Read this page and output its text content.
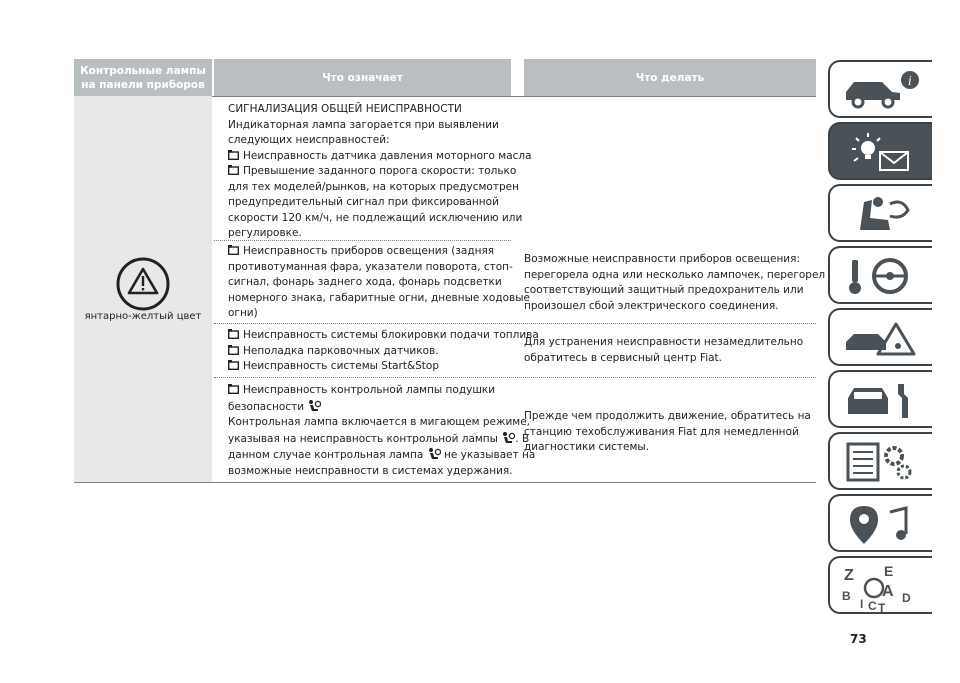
Контрольные лампы на панели приборов
Что означает	Что делать
янтарно-желтый цвет
СИГНАЛИЗАЦИЯ ОБЩЕЙ НЕИСПРАВНОСТИ
Индикаторная лампа загорается при выявлении
следующих неисправностей:
Неисправность датчика давления моторного масла
Превышение заданного порога скорости: только
для тех моделей/рынков, на которых предусмотрен
предупредительный сигнал при фиксированной
скорости 120 км/ч, не подлежащий исключению или
регулировке.
Неисправность приборов освещения (задняя
противотуманная фара, указатели поворота, стоп-
сигнал, фонарь заднего хода, фонарь подсветки
номерного знака, габаритные огни, дневные ходовые
огни)
Возможные неисправности приборов освещения:
перегорела одна или несколько лампочек, перегорел
соответствующий защитный предохранитель или
произошел сбой электрического соединения.
Неисправность системы блокировки подачи топлива
Неполадка парковочных датчиков.
Неисправность системы Start&Stop
Для устранения неисправности незамедлительно
обратитесь в сервисный центр Fiat.
Неисправность контрольной лампы подушки
безопасности
Контрольная лампа включается в мигающем режиме,
указывая на неисправность контрольной лампы . В
данном случае контрольная лампа не указывает на
возможные неисправности в системах удержания.
Прежде чем продолжить движение, обратитесь на
станцию техобслуживания Fiat для немедленной
диагностики системы.
i
Z E
B A
I C
D
T
73
